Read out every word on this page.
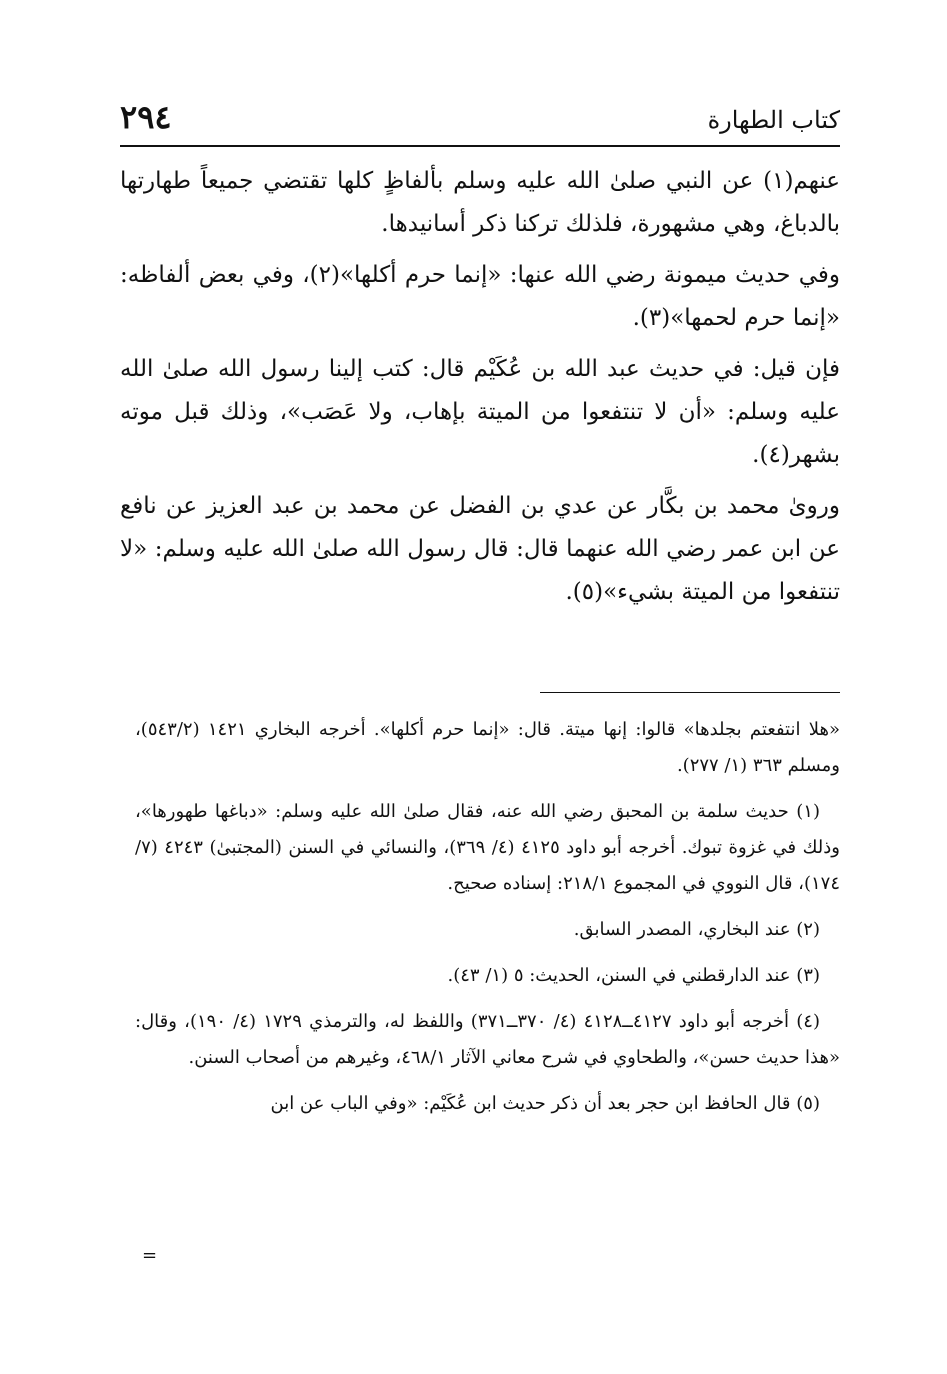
كتاب الطهارة
٢٩٤

عنهم(١) عن النبي صلىٰ الله عليه وسلم بألفاظٍ كلها تقتضي جميعاً طهارتها بالدباغ، وهي مشهورة، فلذلك تركنا ذكر أسانيدها.

وفي حديث ميمونة رضي الله عنها: «إنما حرم أكلها»(٢)، وفي بعض ألفاظه: «إنما حرم لحمها»(٣).

فإن قيل: في حديث عبد الله بن عُكَيْم قال: كتب إلينا رسول الله صلىٰ الله عليه وسلم: «أن لا تنتفعوا من الميتة بإهاب، ولا عَصَب»، وذلك قبل موته بشهر(٤).

وروىٰ محمد بن بكَّار عن عدي بن الفضل عن محمد بن عبد العزيز عن نافع عن ابن عمر رضي الله عنهما قال: قال رسول الله صلىٰ الله عليه وسلم: «لا تنتفعوا من الميتة بشيء»(٥).

«هلا انتفعتم بجلدها» قالوا: إنها ميتة. قال: «إنما حرم أكلها». أخرجه البخاري ١٤٢١ (٥٤٣/٢)، ومسلم ٣٦٣ (١/ ٢٧٧).

(١) حديث سلمة بن المحبق رضي الله عنه، فقال صلىٰ الله عليه وسلم: «دباغها طهورها»، وذلك في غزوة تبوك. أخرجه أبو داود ٤١٢٥ (٤/ ٣٦٩)، والنسائي في السنن (المجتبىٰ) ٤٢٤٣ (٧/ ١٧٤)، قال النووي في المجموع ٢١٨/١: إسناده صحيح.

(٢) عند البخاري، المصدر السابق.

(٣) عند الدارقطني في السنن، الحديث: ٥ (١/ ٤٣).

(٤) أخرجه أبو داود ٤١٢٧ــ٤١٢٨ (٤/ ٣٧٠ــ٣٧١) واللفظ له، والترمذي ١٧٢٩ (٤/ ١٩٠)، وقال: «هذا حديث حسن»، والطحاوي في شرح معاني الآثار ٤٦٨/١، وغيرهم من أصحاب السنن.

(٥) قال الحافظ ابن حجر بعد أن ذكر حديث ابن عُكَيْم: «وفي الباب عن ابن

=
